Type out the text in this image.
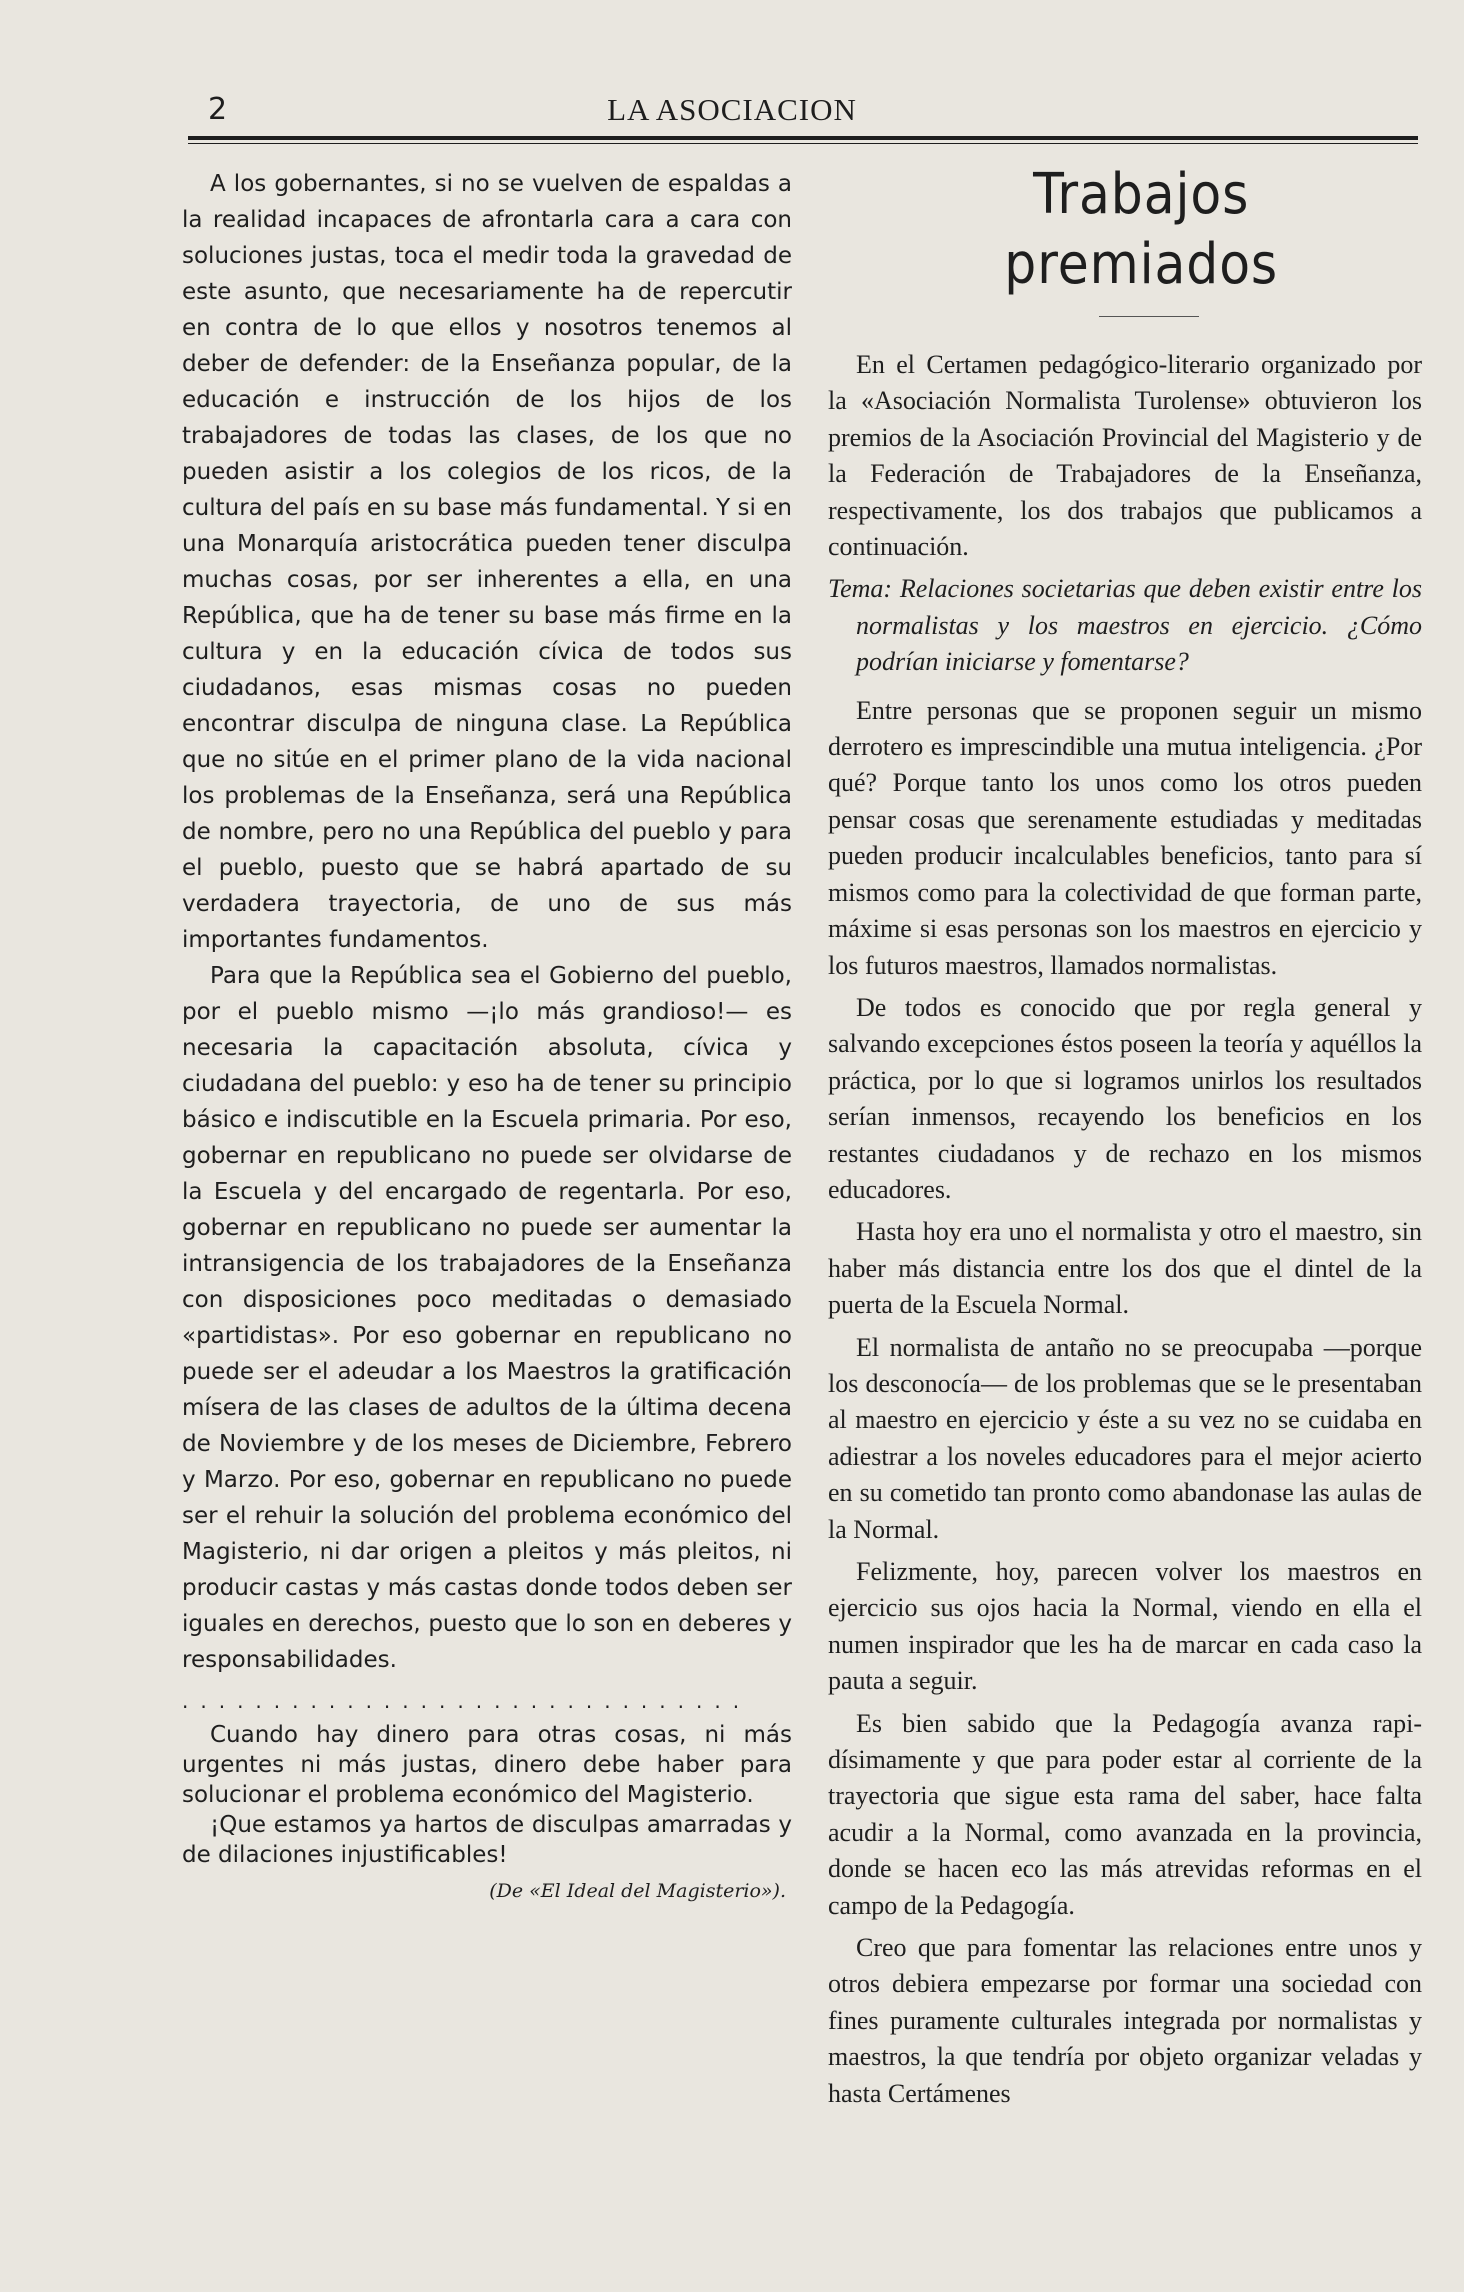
2	LA ASOCIACION

A los gobernantes, si no se vuelven de espaldas a la realidad incapaces de afrontarla cara a cara con soluciones justas, toca el medir toda la gravedad de este asunto, que necesariamente ha de repercutir en contra de lo que ellos y nosotros tenemos al deber de defender: de la Enseñanza popular, de la educación e instrucción de los hijos de los trabajadores de todas las clases, de los que no pueden asistir a los colegios de los ricos, de la cultura del país en su base más fundamental. Y si en una Monarquía aristocrática pueden tener disculpa muchas cosas, por ser inherentes a ella, en una República, que ha de tener su base más firme en la cultura y en la educación cívica de todos sus ciudadanos, esas mismas cosas no pueden encontrar disculpa de ninguna clase. La República que no sitúe en el primer plano de la vida nacional los problemas de la Enseñanza, será una República de nombre, pero no una República del pueblo y para el pueblo, puesto que se habrá apartado de su verdadera trayectoria, de uno de sus más importantes fundamentos.

Para que la República sea el Gobierno del pueblo, por el pueblo mismo —¡lo más grandioso!— es necesaria la capacitación absoluta, cívica y ciudadana del pueblo: y eso ha de tener su principio básico e indiscutible en la Escuela primaria. Por eso, gobernar en republicano no puede ser olvidarse de la Escuela y del encargado de regentarla. Por eso, gobernar en republicano no puede ser aumentar la intransigencia de los trabajadores de la Enseñanza con disposiciones poco meditadas o demasiado «partidistas». Por eso gobernar en republicano no puede ser el adeudar a los Maestros la gratificación mísera de las clases de adultos de la última decena de Noviembre y de los meses de Diciembre, Febrero y Marzo. Por eso, gobernar en republicano no puede ser el rehuir la solución del problema económico del Magisterio, ni dar origen a pleitos y más pleitos, ni producir castas y más castas donde todos deben ser iguales en derechos, puesto que lo son en deberes y responsabilidades.

...............................

Cuando hay dinero para otras cosas, ni más urgentes ni más justas, dinero debe haber para solucionar el problema económico del Magisterio.

¡Que estamos ya hartos de disculpas amarradas y de dilaciones injustificables!

(De «El Ideal del Magisterio»).
Trabajos premiados

En el Certamen pedagógico-literario organizado por la «Asociación Normalista Turolense» obtuvieron los premios de la Asociación Provincial del Magisterio y de la Federación de Trabajadores de la Enseñanza, respectivamente, los dos trabajos que publicamos a continuación.

Tema: Relaciones societarias que deben existir entre los normalistas y los maestros en ejercicio. ¿Cómo podrían iniciarse y fomentarse?

Entre personas que se proponen seguir un mismo derrotero es imprescindible una mutua inteligencia. ¿Por qué? Porque tanto los unos como los otros pueden pensar cosas que serenamente estudiadas y meditadas pueden producir incalculables beneficios, tanto para sí mismos como para la colectividad de que forman parte, máxime si esas personas son los maestros en ejercicio y los futuros maestros, llamados normalistas.

De todos es conocido que por regla general y salvando excepciones éstos poseen la teoría y aquéllos la práctica, por lo que si logramos unirlos los resultados serían inmensos, recayendo los beneficios en los restantes ciudadanos y de rechazo en los mismos educadores.

Hasta hoy era uno el normalista y otro el maestro, sin haber más distancia entre los dos que el dintel de la puerta de la Escuela Normal.

El normalista de antaño no se preocupaba —porque los desconocía— de los problemas que se le presentaban al maestro en ejercicio y éste a su vez no se cuidaba en adiestrar a los noveles educadores para el mejor acierto en su cometido tan pronto como abandonase las aulas de la Normal.

Felizmente, hoy, parecen volver los maestros en ejercicio sus ojos hacia la Normal, viendo en ella el numen inspirador que les ha de marcar en cada caso la pauta a seguir.

Es bien sabido que la Pedagogía avanza rapidísimamente y que para poder estar al corriente de la trayectoria que sigue esta rama del saber, hace falta acudir a la Normal, como avanzada en la provincia, donde se hacen eco las más atrevidas reformas en el campo de la Pedagogía.

Creo que para fomentar las relaciones entre unos y otros debiera empezarse por formar una sociedad con fines puramente culturales integrada por normalistas y maestros, la que tendría por objeto organizar veladas y hasta Certámenes
